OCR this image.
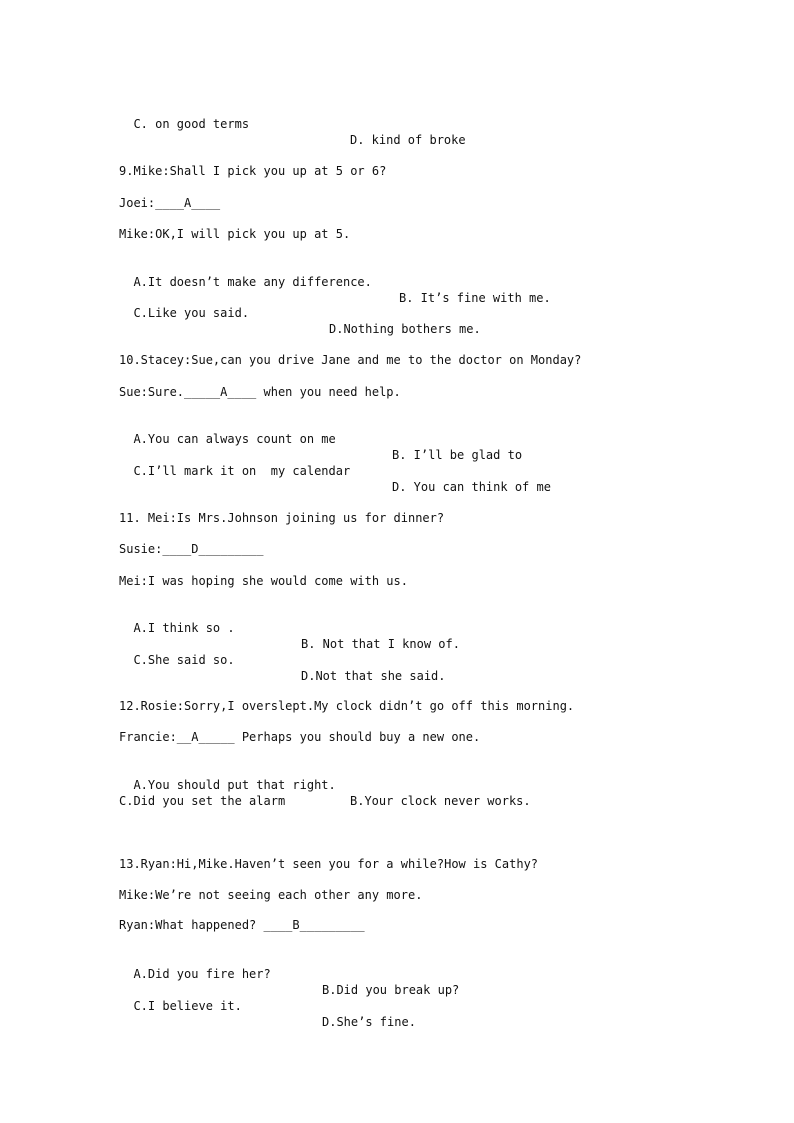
C. on good terms

D. kind of broke

9.Mike:Shall I pick you up at 5 or 6?
Joei:____A____
Mike:OK,I will pick you up at 5.

A.It doesn’t make any difference.

B. It’s fine with me.

C.Like you said.

D.Nothing bothers me.

10.Stacey:Sue,can you drive Jane and me to the doctor on Monday?
Sue:Sure._____A____ when you need help.

A.You can always count on me

B. I’ll be glad to

C.I’ll mark it on  my calendar

D. You can think of me

11. Mei:Is Mrs.Johnson joining us for dinner?
Susie:____D_________
Mei:I was hoping she would come with us.

A.I think so .

B. Not that I know of.

C.She said so.

D.Not that she said.

12.Rosie:Sorry,I overslept.My clock didn’t go off this morning.
Francie:__A_____ Perhaps you should buy a new one.

A.You should put that right.

B.Your clock never works.

C.Did you set the alarm
13.Ryan:Hi,Mike.Haven’t seen you for a while?How is Cathy?
Mike:We’re not seeing each other any more.
Ryan:What happened? ____B_________

A.Did you fire her?

B.Did you break up?

C.I believe it.

D.She’s fine.
